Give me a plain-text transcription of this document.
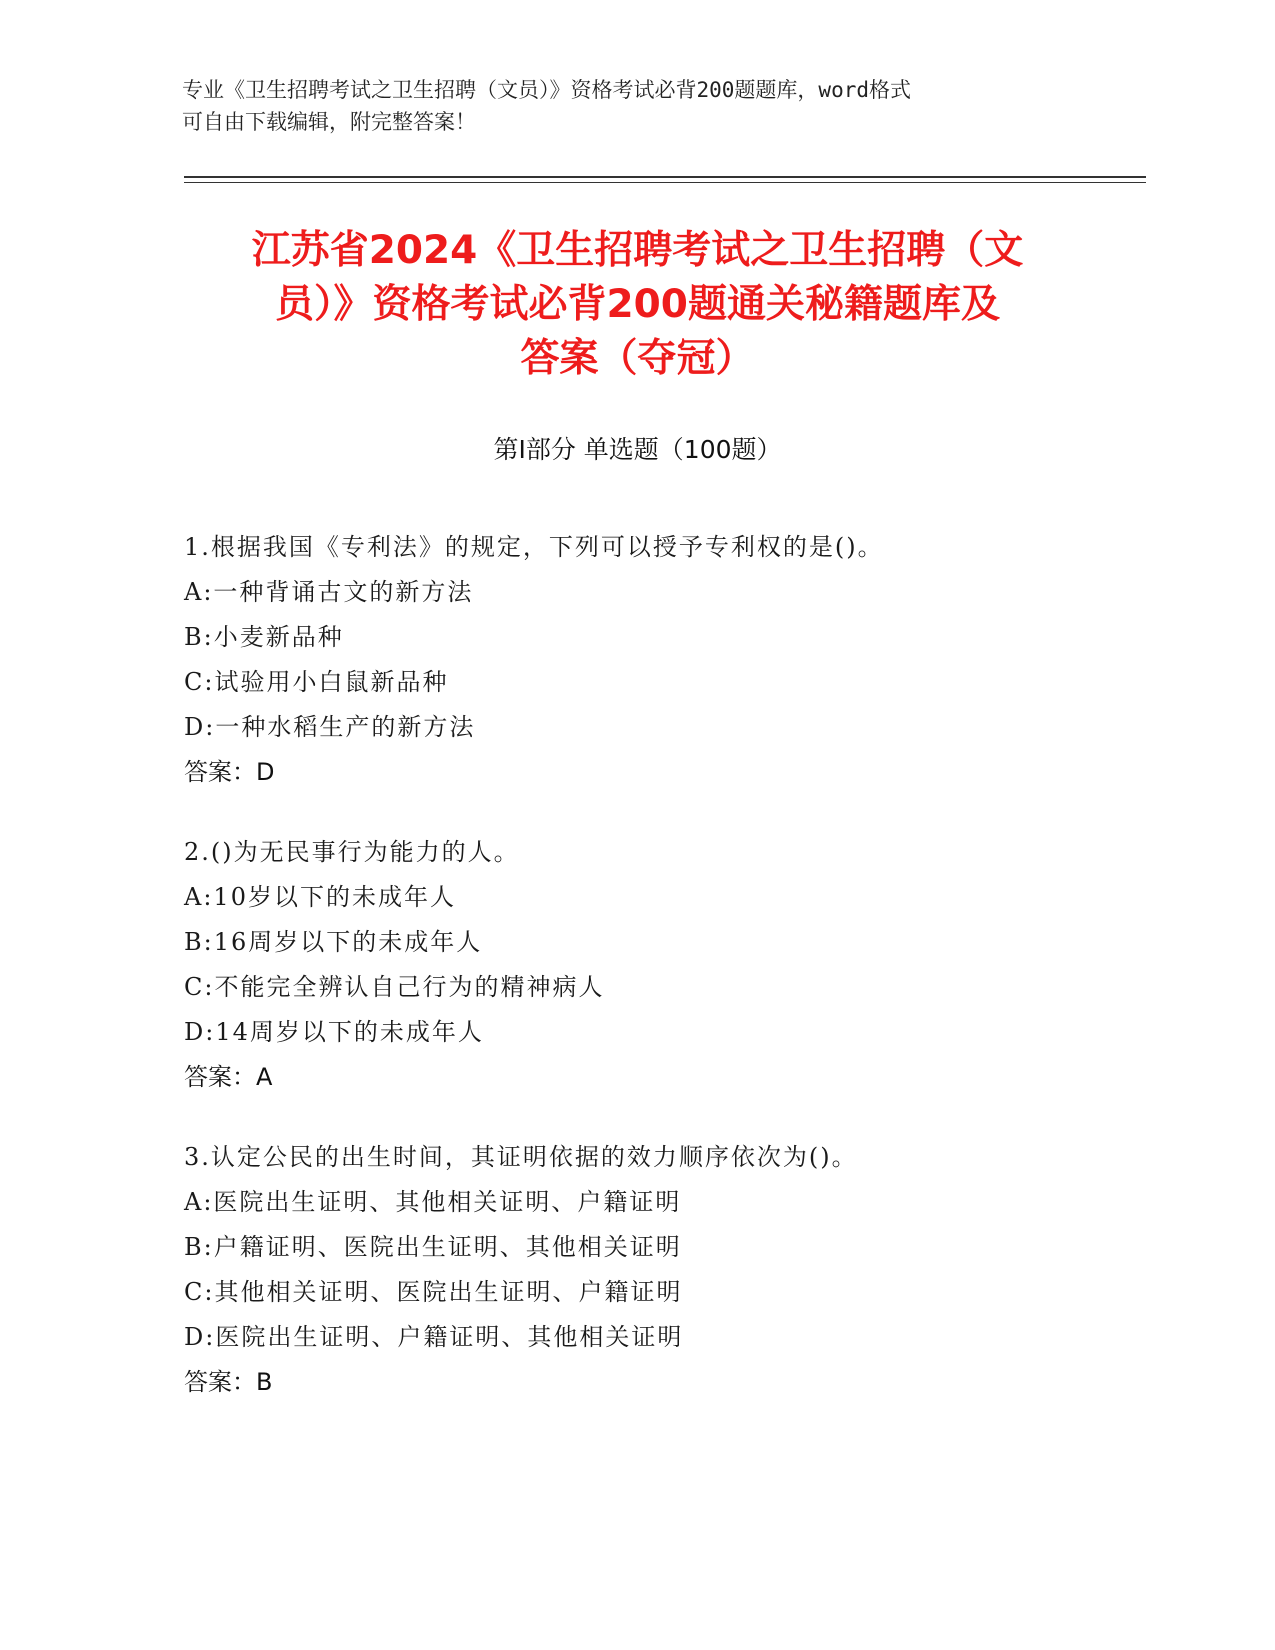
专业《卫生招聘考试之卫生招聘（文员）》资格考试必背200题题库，word格式
可自由下载编辑，附完整答案！
江苏省2024《卫生招聘考试之卫生招聘（文
员）》资格考试必背200题通关秘籍题库及
答案（夺冠）
第I部分 单选题（100题）
1.根据我国《专利法》的规定，下列可以授予专利权的是()。
A:一种背诵古文的新方法
B:小麦新品种
C:试验用小白鼠新品种
D:一种水稻生产的新方法
答案：D
2.()为无民事行为能力的人。
A:10岁以下的未成年人
B:16周岁以下的未成年人
C:不能完全辨认自己行为的精神病人
D:14周岁以下的未成年人
答案：A
3.认定公民的出生时间，其证明依据的效力顺序依次为()。
A:医院出生证明、其他相关证明、户籍证明
B:户籍证明、医院出生证明、其他相关证明
C:其他相关证明、医院出生证明、户籍证明
D:医院出生证明、户籍证明、其他相关证明
答案：B
